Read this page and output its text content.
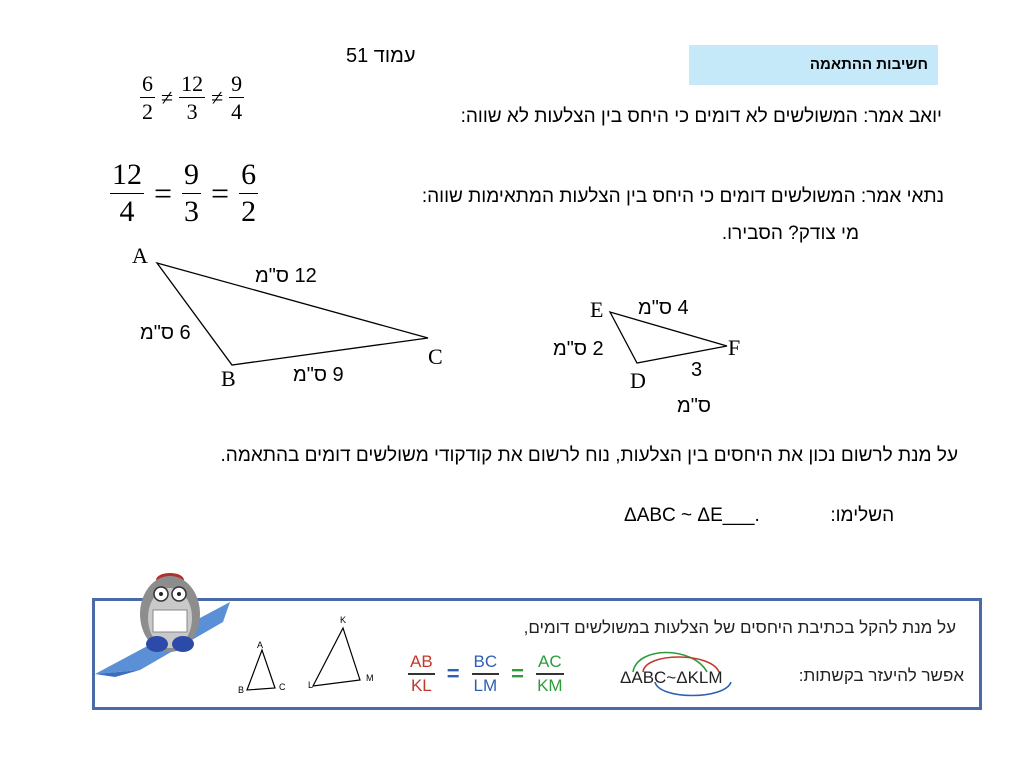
חשיבות ההתאמה
עמוד 51
$\frac{6}{2} \ne \frac{12}{3} \ne \frac{9}{4}$	יואב אמר: המשולשים לא דומים כי היחס בין הצלעות לא שווה:
$\frac{12}{4} = \frac{9}{3} = \frac{6}{2}$	נתאי אמר: המשולשים דומים כי היחס בין הצלעות המתאימות שווה:
מי צודק? הסבירו.
A
B
C
12 ס"מ
6 ס"מ
9 ס"מ
E
F
D
4 ס"מ
2 ס"מ
3
ס"מ
על מנת לרשום נכון את היחסים בין הצלעות, נוח לרשום את קודקודי משולשים דומים בהתאמה.
ΔABC ~ ΔE___.	השלימו:
A
B	C
K
L
M
על מנת להקל בכתיבת היחסים של הצלעות במשולשים דומים,
אפשר להיעזר בקשתות:
$\frac{AB}{KL} = \frac{BC}{LM} = \frac{AC}{KM}$	ΔABC~ΔKLM
